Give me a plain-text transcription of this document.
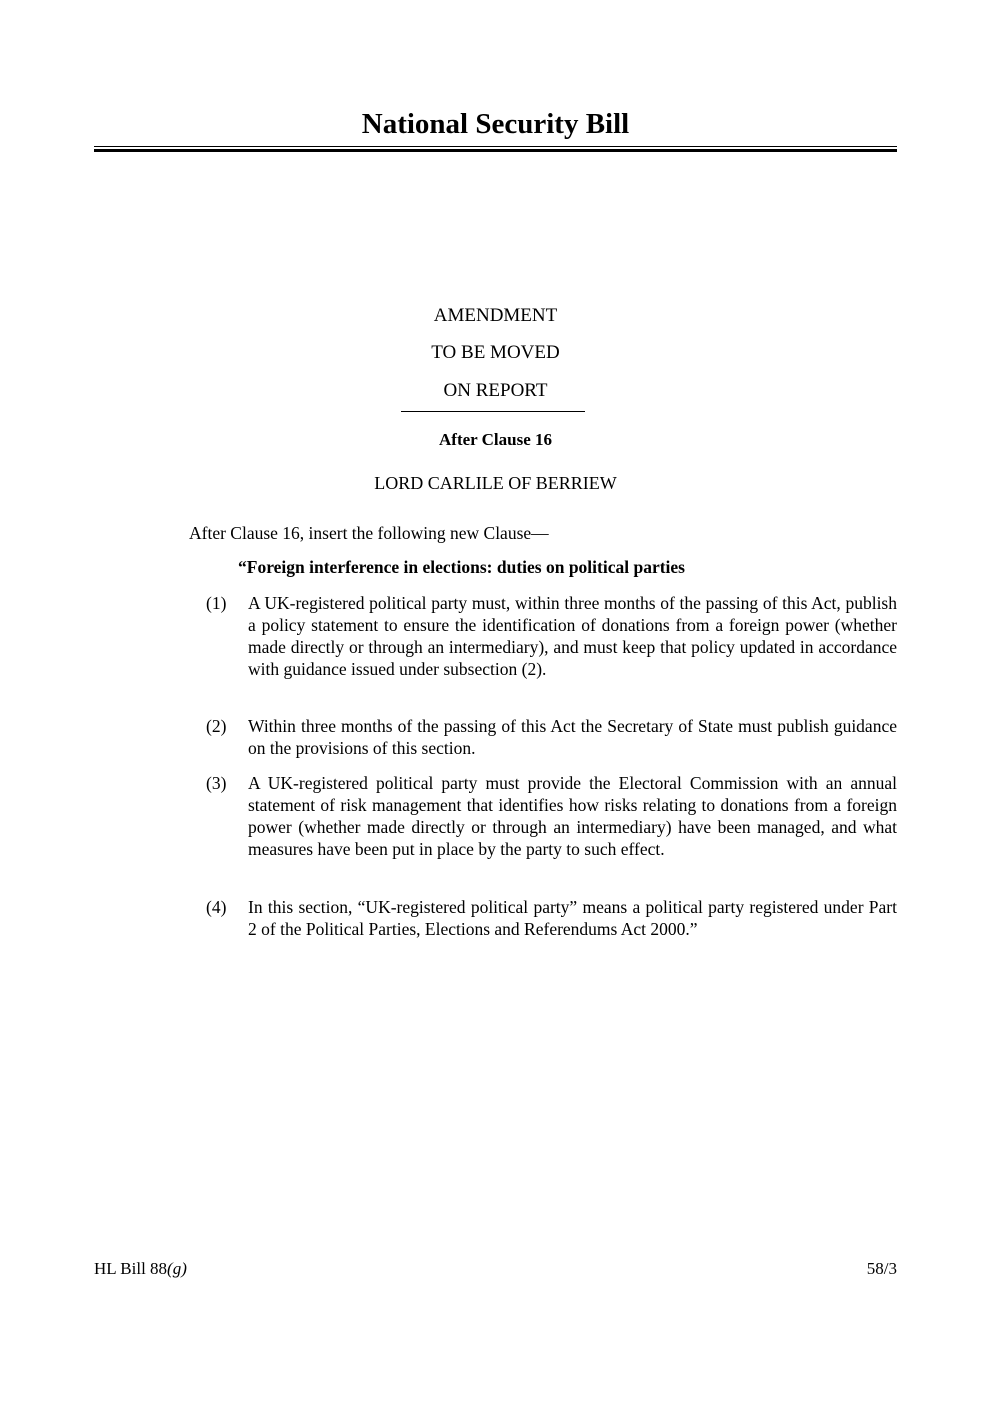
National Security Bill
AMENDMENT
TO BE MOVED
ON REPORT
After Clause 16
LORD CARLILE OF BERRIEW
After Clause 16, insert the following new Clause—
“Foreign interference in elections: duties on political parties
(1) A UK-registered political party must, within three months of the passing of this Act, publish a policy statement to ensure the identification of donations from a foreign power (whether made directly or through an intermediary), and must keep that policy updated in accordance with guidance issued under subsection (2).
(2) Within three months of the passing of this Act the Secretary of State must publish guidance on the provisions of this section.
(3) A UK-registered political party must provide the Electoral Commission with an annual statement of risk management that identifies how risks relating to donations from a foreign power (whether made directly or through an intermediary) have been managed, and what measures have been put in place by the party to such effect.
(4) In this section, “UK-registered political party” means a political party registered under Part 2 of the Political Parties, Elections and Referendums Act 2000.”
HL Bill 88(g)	58/3
